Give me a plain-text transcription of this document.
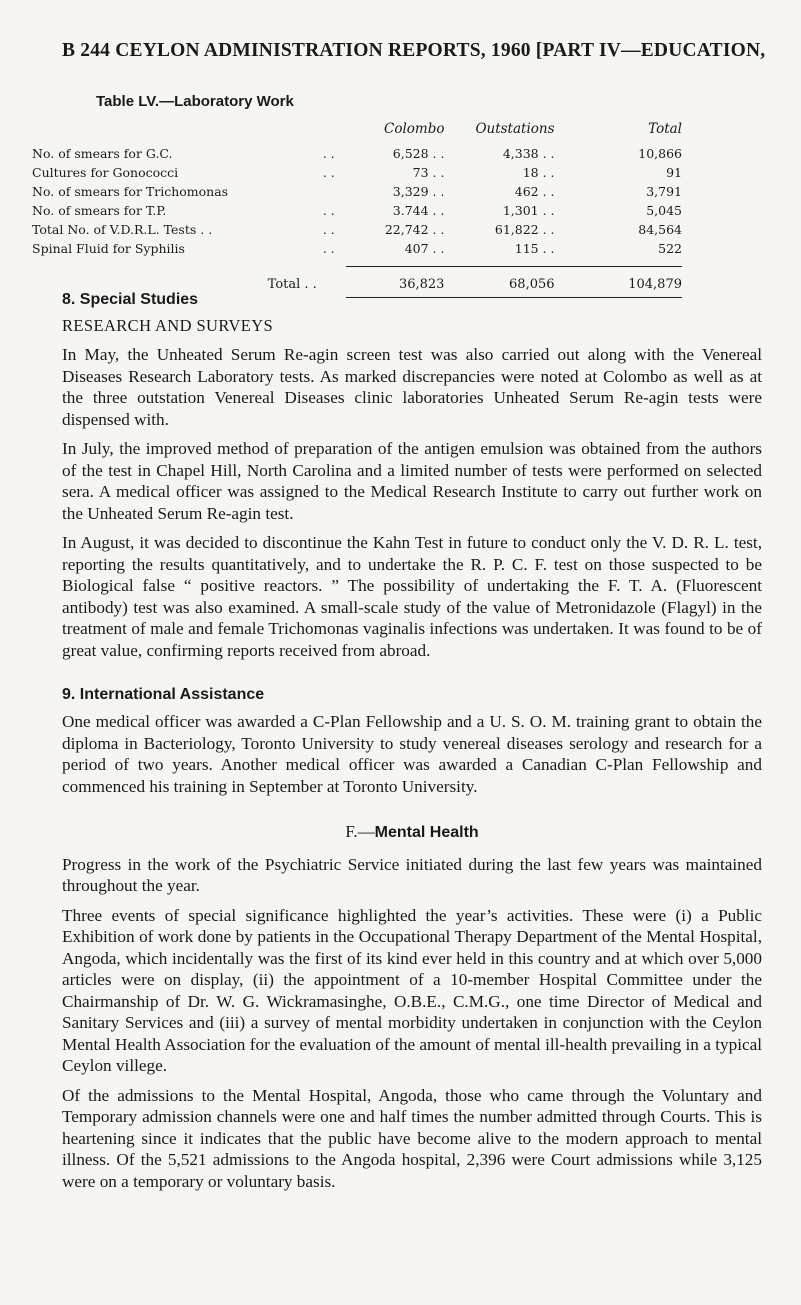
B 244 CEYLON ADMINISTRATION REPORTS, 1960 [PART IV—EDUCATION,
Table LV.—Laboratory Work
		Colombo	Outstations	Total
No. of smears for G.C.	. .	6,528 . .	4,338 . .	10,866
Cultures for Gonococci	. .	73 . .	18 . .	91
No. of smears for Trichomonas		3,329 . .	462 . .	3,791
No. of smears for T.P.	. .	3.744 . .	1,301 . .	5,045
Total No. of V.D.R.L. Tests . .	. .	22,742 . .	61,822 . .	84,564
Spinal Fluid for Syphilis	. .	407 . .	115 . .	522

Total . .		36,823	68,056	104,879
8. Special Studies
RESEARCH AND SURVEYS

In May, the Unheated Serum Re-agin screen test was also carried out along with the Venereal Diseases Research Laboratory tests. As marked discrepancies were noted at Colombo as well as at the three outstation Venereal Diseases clinic laboratories Unheated Serum Re-agin tests were dispensed with.

In July, the improved method of preparation of the antigen emulsion was obtained from the authors of the test in Chapel Hill, North Carolina and a limited number of tests were performed on selected sera. A medical officer was assigned to the Medical Research Institute to carry out further work on the Unheated Serum Re-agin test.

In August, it was decided to discontinue the Kahn Test in future to conduct only the V. D. R. L. test, reporting the results quantitatively, and to undertake the R. P. C. F. test on those suspected to be Biological false “ positive reactors. ” The possibility of undertaking the F. T. A. (Fluorescent antibody) test was also examined. A small-scale study of the value of Metronidazole (Flagyl) in the treatment of male and female Trichomonas vaginalis infections was undertaken. It was found to be of great value, confirming reports received from abroad.

9. International Assistance

One medical officer was awarded a C-Plan Fellowship and a U. S. O. M. training grant to obtain the diploma in Bacteriology, Toronto University to study venereal diseases serology and research for a period of two years. Another medical officer was awarded a Canadian C-Plan Fellowship and commenced his training in September at Toronto University.

F.—Mental Health

Progress in the work of the Psychiatric Service initiated during the last few years was maintained throughout the year.

Three events of special significance highlighted the year’s activities. These were (i) a Public Exhibition of work done by patients in the Occupational Therapy Department of the Mental Hospital, Angoda, which incidentally was the first of its kind ever held in this country and at which over 5,000 articles were on display, (ii) the appointment of a 10-member Hospital Committee under the Chairmanship of Dr. W. G. Wickramasinghe, O.B.E., C.M.G., one time Director of Medical and Sanitary Services and (iii) a survey of mental morbidity undertaken in conjunction with the Ceylon Mental Health Association for the evaluation of the amount of mental ill-health prevailing in a typical Ceylon villege.

Of the admissions to the Mental Hospital, Angoda, those who came through the Voluntary and Temporary admission channels were one and half times the number admitted through Courts. This is heartening since it indicates that the public have become alive to the modern approach to mental illness. Of the 5,521 admissions to the Angoda hospital, 2,396 were Court admissions while 3,125 were on a temporary or voluntary basis.
